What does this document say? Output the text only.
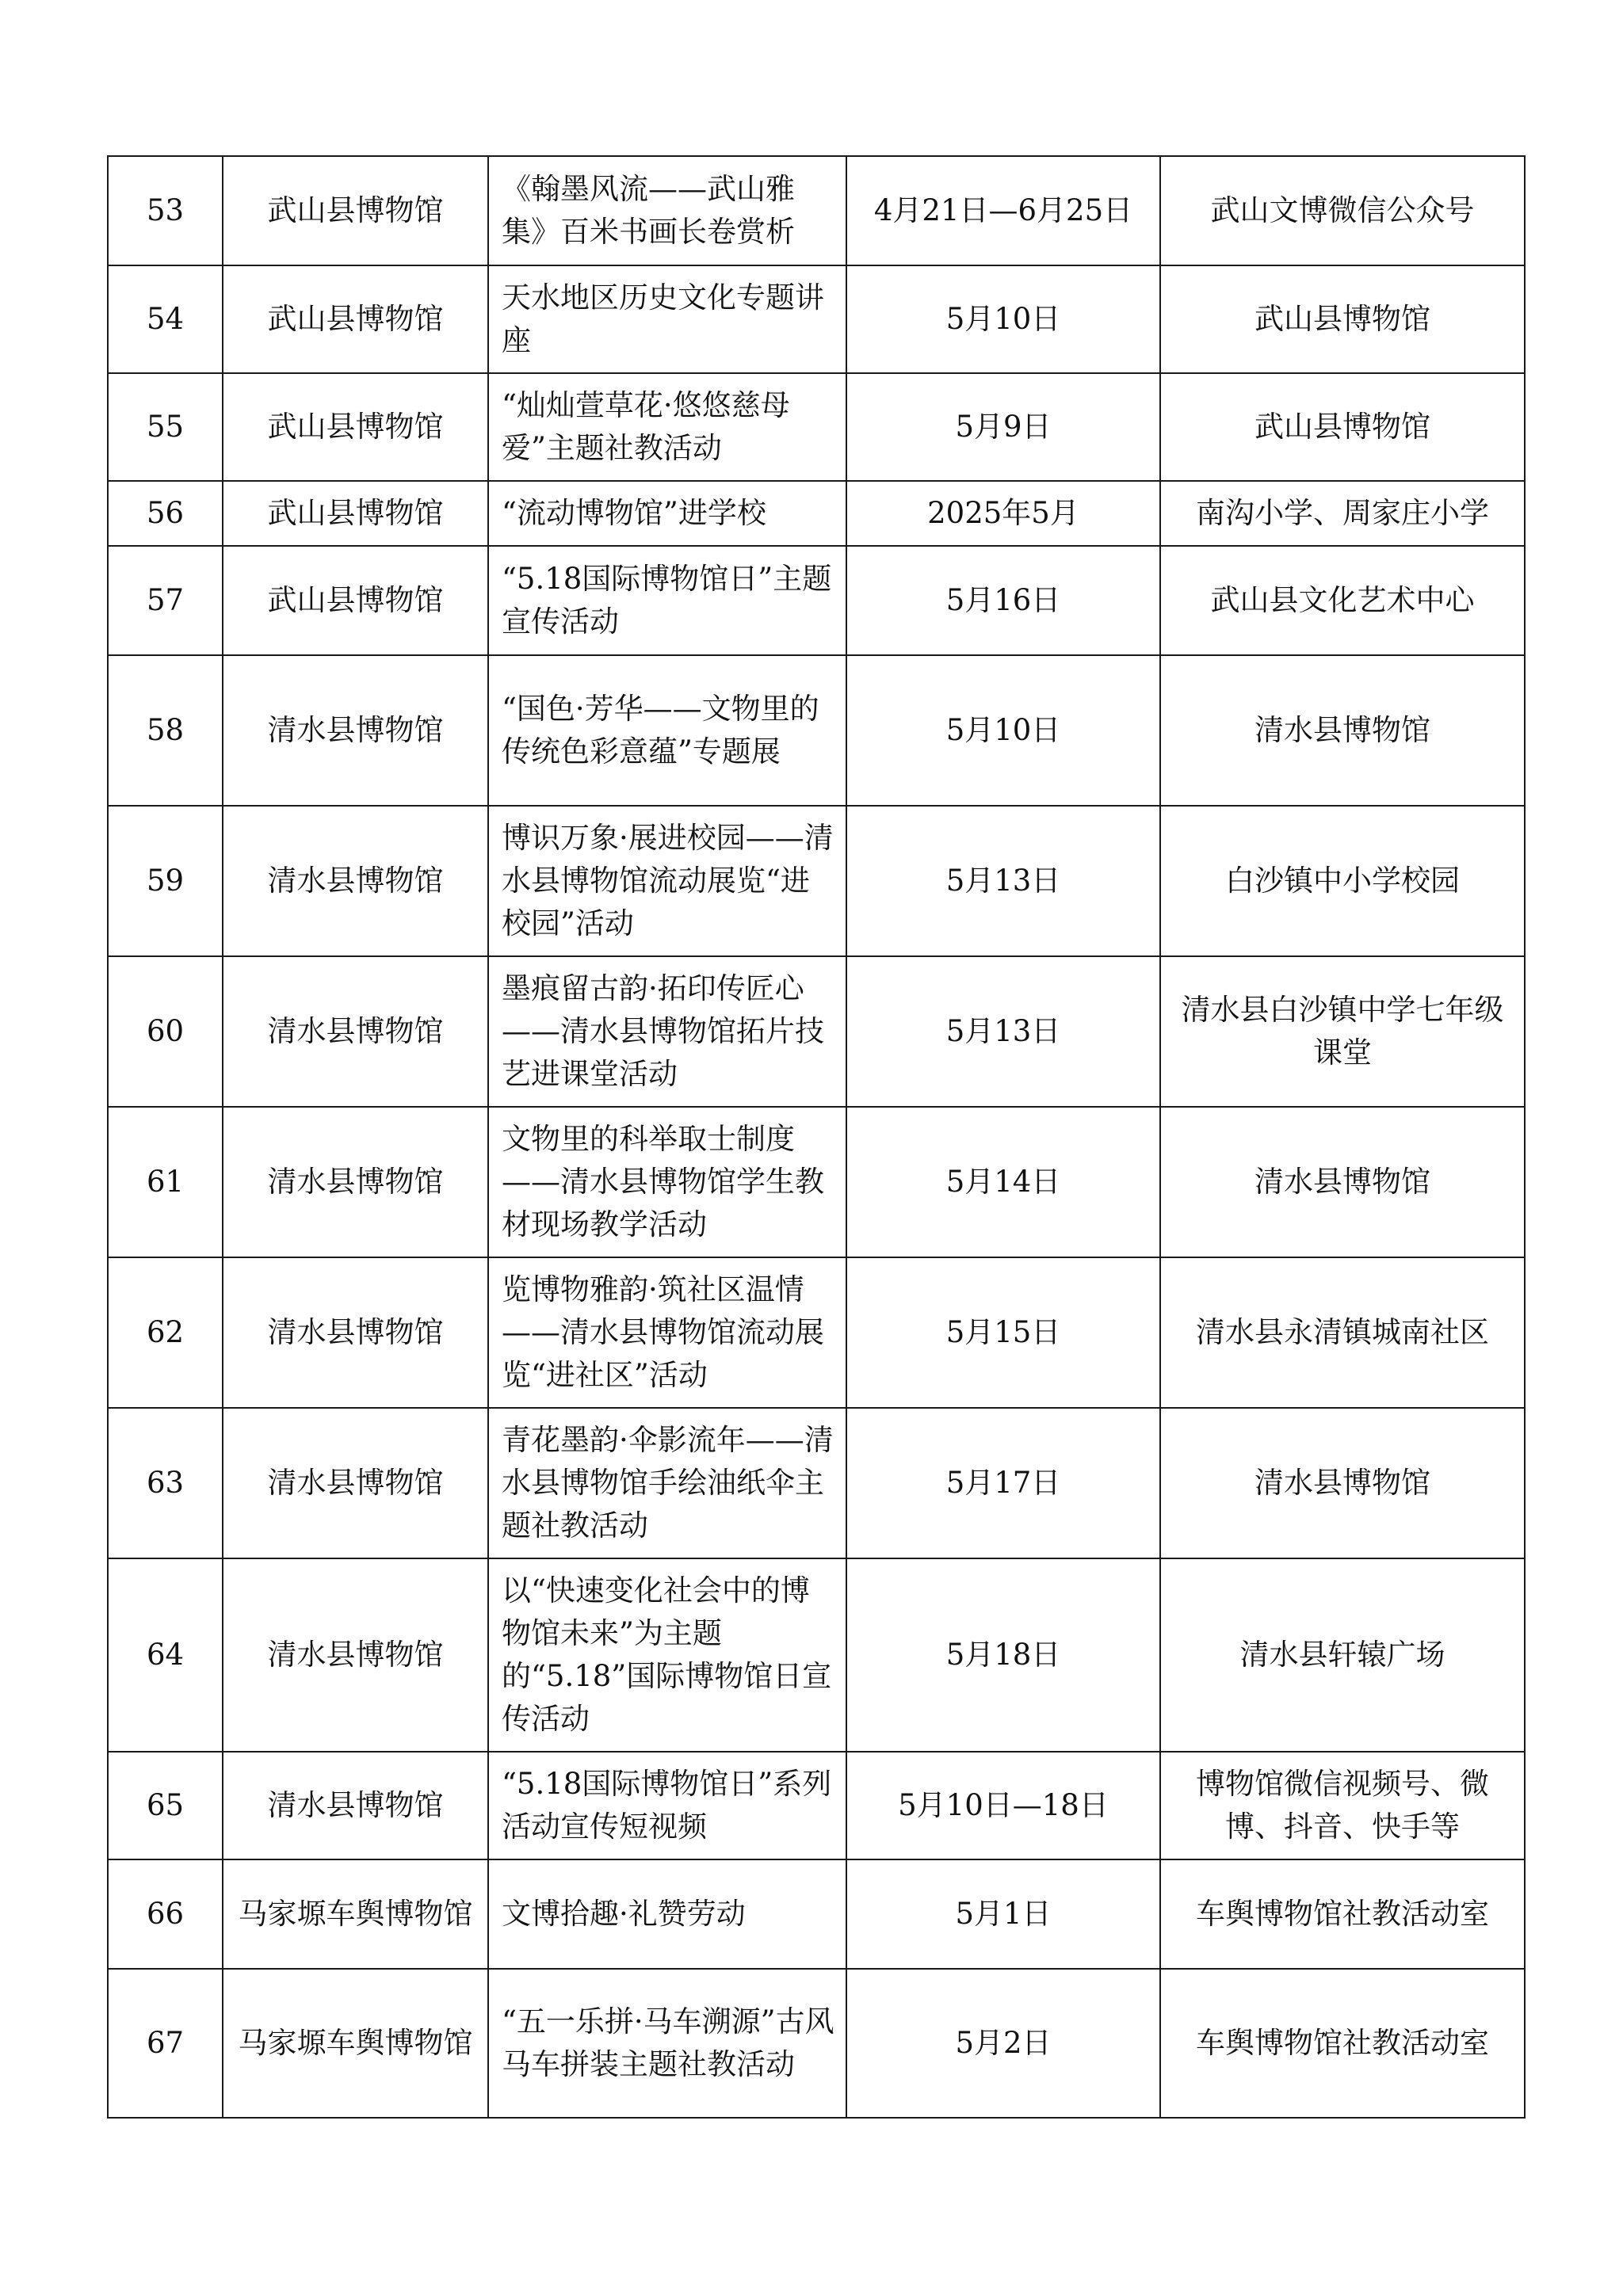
53	武山县博物馆	《翰墨风流——武山雅集》百米书画长卷赏析	4月21日—6月25日	武山文博微信公众号
54	武山县博物馆	天水地区历史文化专题讲座	5月10日	武山县博物馆
55	武山县博物馆	“灿灿萱草花·悠悠慈母爱”主题社教活动	5月9日	武山县博物馆
56	武山县博物馆	“流动博物馆”进学校	2025年5月	南沟小学、周家庄小学
57	武山县博物馆	“5.18国际博物馆日”主题宣传活动	5月16日	武山县文化艺术中心
58	清水县博物馆	“国色·芳华——文物里的传统色彩意蕴”专题展	5月10日	清水县博物馆
59	清水县博物馆	博识万象·展进校园——清水县博物馆流动展览“进校园”活动	5月13日	白沙镇中小学校园
60	清水县博物馆	墨痕留古韵·拓印传匠心——清水县博物馆拓片技艺进课堂活动	5月13日	清水县白沙镇中学七年级课堂
61	清水县博物馆	文物里的科举取士制度——清水县博物馆学生教材现场教学活动	5月14日	清水县博物馆
62	清水县博物馆	览博物雅韵·筑社区温情——清水县博物馆流动展览“进社区”活动	5月15日	清水县永清镇城南社区
63	清水县博物馆	青花墨韵·伞影流年——清水县博物馆手绘油纸伞主题社教活动	5月17日	清水县博物馆
64	清水县博物馆	以“快速变化社会中的博物馆未来”为主题的“5.18”国际博物馆日宣传活动	5月18日	清水县轩辕广场
65	清水县博物馆	“5.18国际博物馆日”系列活动宣传短视频	5月10日—18日	博物馆微信视频号、微博、抖音、快手等
66	马家塬车舆博物馆	文博拾趣·礼赞劳动	5月1日	车舆博物馆社教活动室
67	马家塬车舆博物馆	“五一乐拼·马车溯源”古风马车拼装主题社教活动	5月2日	车舆博物馆社教活动室
